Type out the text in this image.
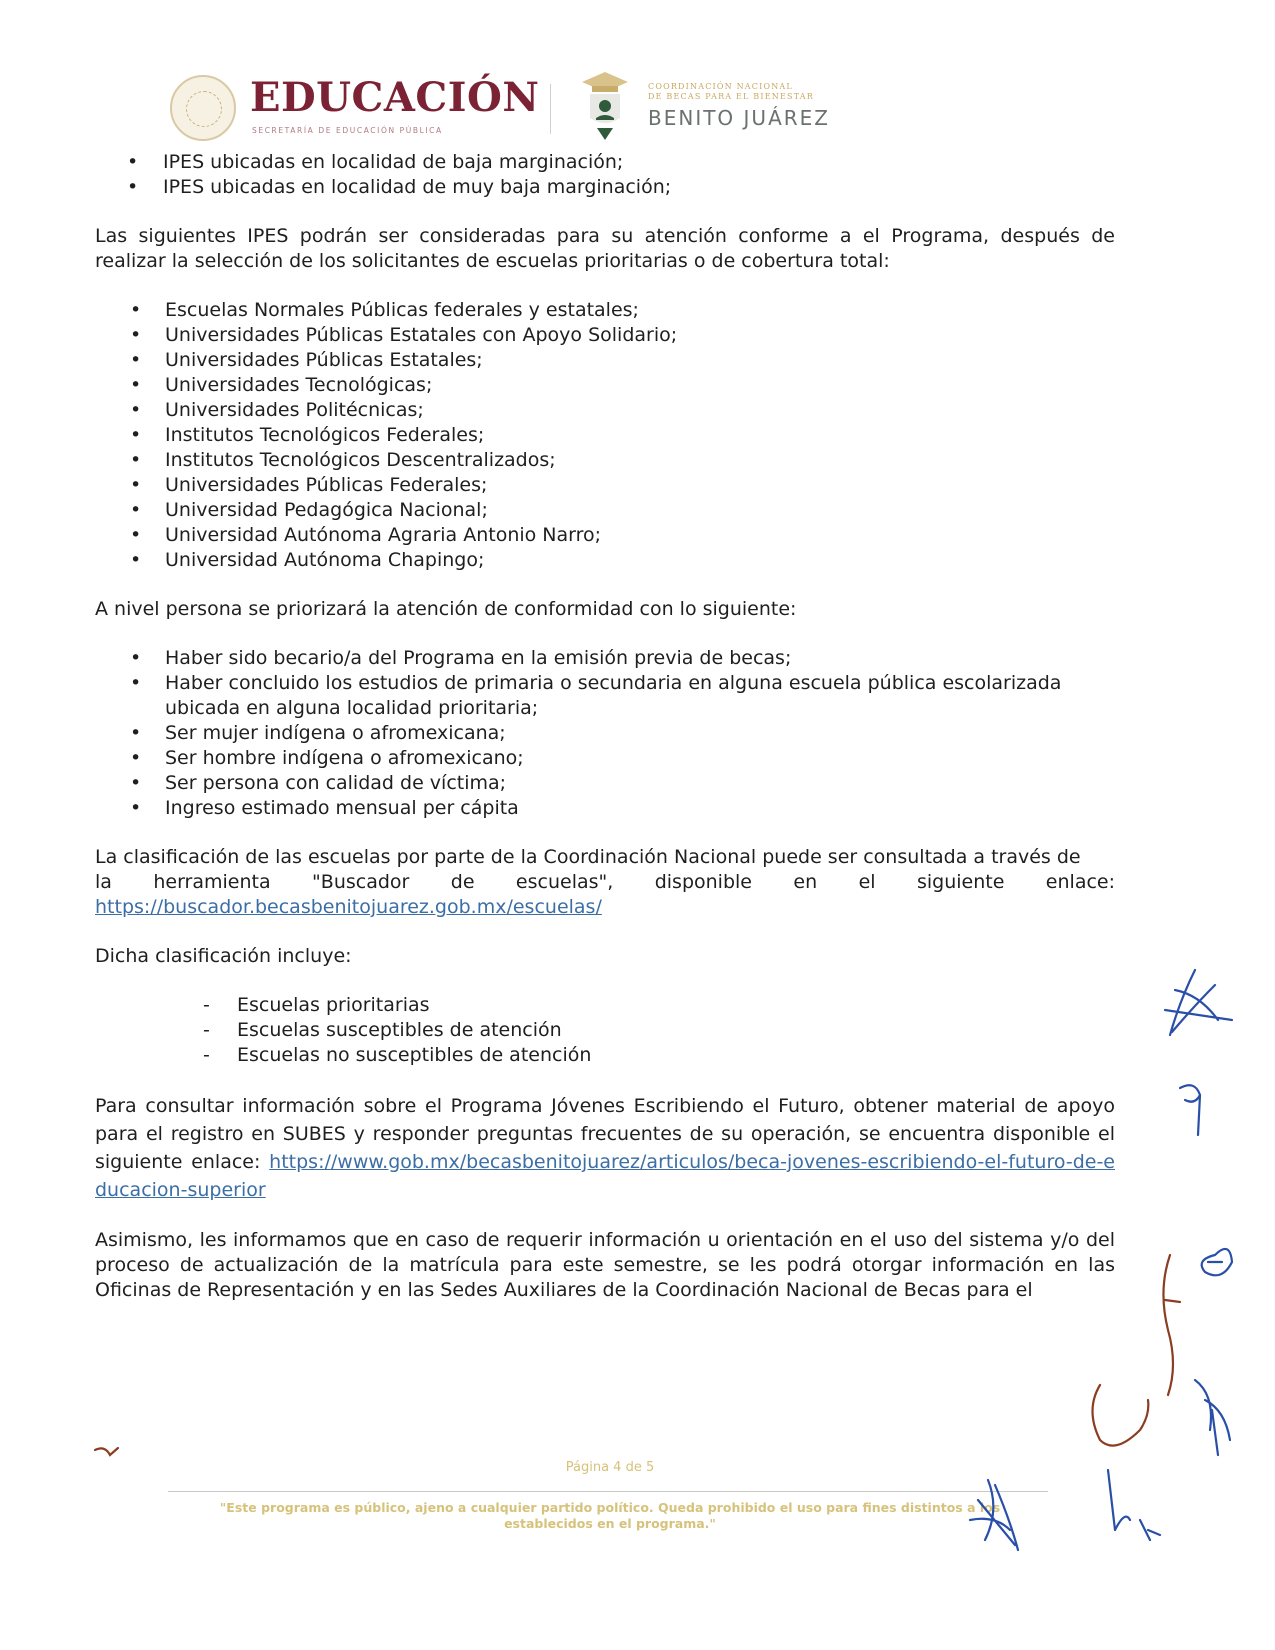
EDUCACIÓN
SECRETARÍA DE EDUCACIÓN PÚBLICA
COORDINACIÓN NACIONAL
DE BECAS PARA EL BIENESTAR
BENITO JUÁREZ
• IPES ubicadas en localidad de baja marginación;
• IPES ubicadas en localidad de muy baja marginación;

Las siguientes IPES podrán ser consideradas para su atención conforme a el Programa, después de realizar la selección de los solicitantes de escuelas prioritarias o de cobertura total:

• Escuelas Normales Públicas federales y estatales;
• Universidades Públicas Estatales con Apoyo Solidario;
• Universidades Públicas Estatales;
• Universidades Tecnológicas;
• Universidades Politécnicas;
• Institutos Tecnológicos Federales;
• Institutos Tecnológicos Descentralizados;
• Universidades Públicas Federales;
• Universidad Pedagógica Nacional;
• Universidad Autónoma Agraria Antonio Narro;
• Universidad Autónoma Chapingo;

A nivel persona se priorizará la atención de conformidad con lo siguiente:

• Haber sido becario/a del Programa en la emisión previa de becas;
• Haber concluido los estudios de primaria o secundaria en alguna escuela pública escolarizada ubicada en alguna localidad prioritaria;
• Ser mujer indígena o afromexicana;
• Ser hombre indígena o afromexicano;
• Ser persona con calidad de víctima;
• Ingreso estimado mensual per cápita
La clasificación de las escuelas por parte de la Coordinación Nacional puede ser consultada a través de
la herramienta "Buscador de escuelas", disponible en el siguiente enlace:
https://buscador.becasbenitojuarez.gob.mx/escuelas/

Dicha clasificación incluye:

- Escuelas prioritarias
- Escuelas susceptibles de atención
- Escuelas no susceptibles de atención

Para consultar información sobre el Programa Jóvenes Escribiendo el Futuro, obtener material de apoyo para el registro en SUBES y responder preguntas frecuentes de su operación, se encuentra disponible el siguiente enlace: https://www.gob.mx/becasbenitojuarez/articulos/beca-jovenes-escribiendo-el-futuro-de-educacion-superior

Asimismo, les informamos que en caso de requerir información u orientación en el uso del sistema y/o del proceso de actualización de la matrícula para este semestre, se les podrá otorgar información en las Oficinas de Representación y en las Sedes Auxiliares de la Coordinación Nacional de Becas para el

Página 4 de 5
"Este programa es público, ajeno a cualquier partido político. Queda prohibido el uso para fines distintos a los establecidos en el programa."
